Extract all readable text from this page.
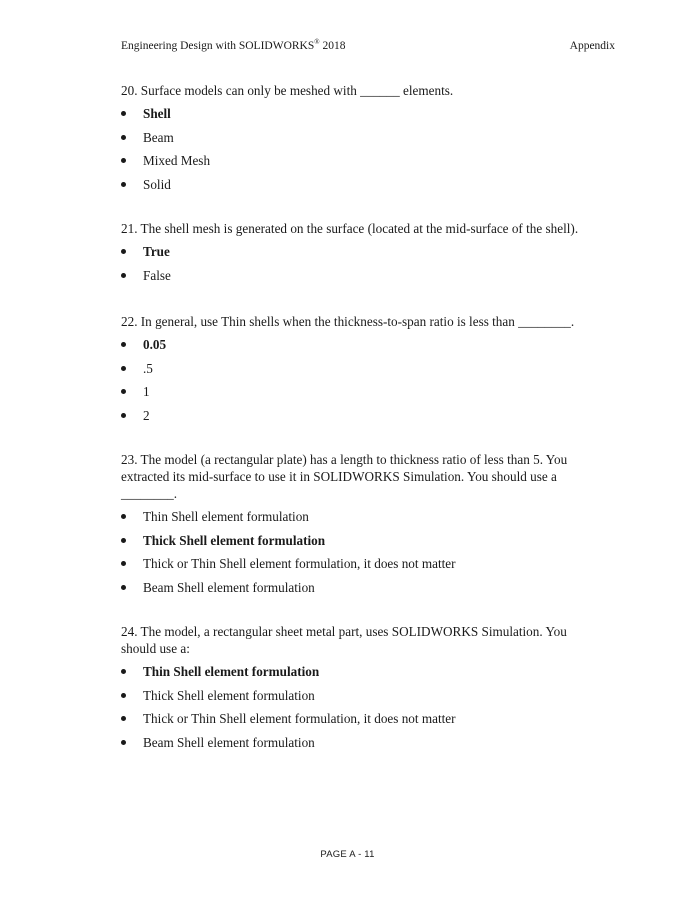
Engineering Design with SOLIDWORKS® 2018	Appendix
20. Surface models can only be meshed with ______ elements.
Shell
Beam
Mixed Mesh
Solid
21. The shell mesh is generated on the surface (located at the mid-surface of the shell).
True
False
22. In general, use Thin shells when the thickness-to-span ratio is less than ________.
0.05
.5
1
2
23. The model (a rectangular plate) has a length to thickness ratio of less than 5. You extracted its mid-surface to use it in SOLIDWORKS Simulation. You should use a ________.
Thin Shell element formulation
Thick Shell element formulation
Thick or Thin Shell element formulation, it does not matter
Beam Shell element formulation
24. The model, a rectangular sheet metal part, uses SOLIDWORKS Simulation. You should use a:
Thin Shell element formulation
Thick Shell element formulation
Thick or Thin Shell element formulation, it does not matter
Beam Shell element formulation
PAGE A - 11
